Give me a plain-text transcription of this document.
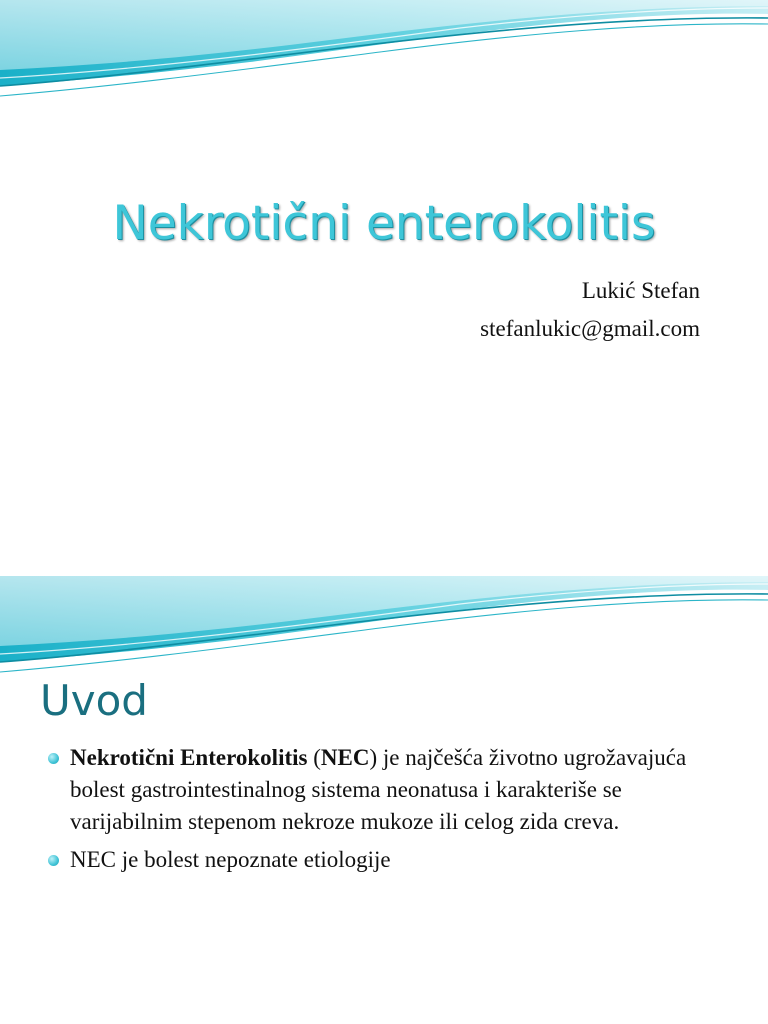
Nekrotični enterokolitis

Lukić Stefan

stefanlukic@gmail.com

Uvod
Nekrotični Enterokolitis (NEC) je najčešća životno ugrožavajuća bolest gastrointestinalnog sistema neonatusa i karakteriše se varijabilnim stepenom nekroze mukoze ili celog zida creva.
NEC je bolest nepoznate etiologije
